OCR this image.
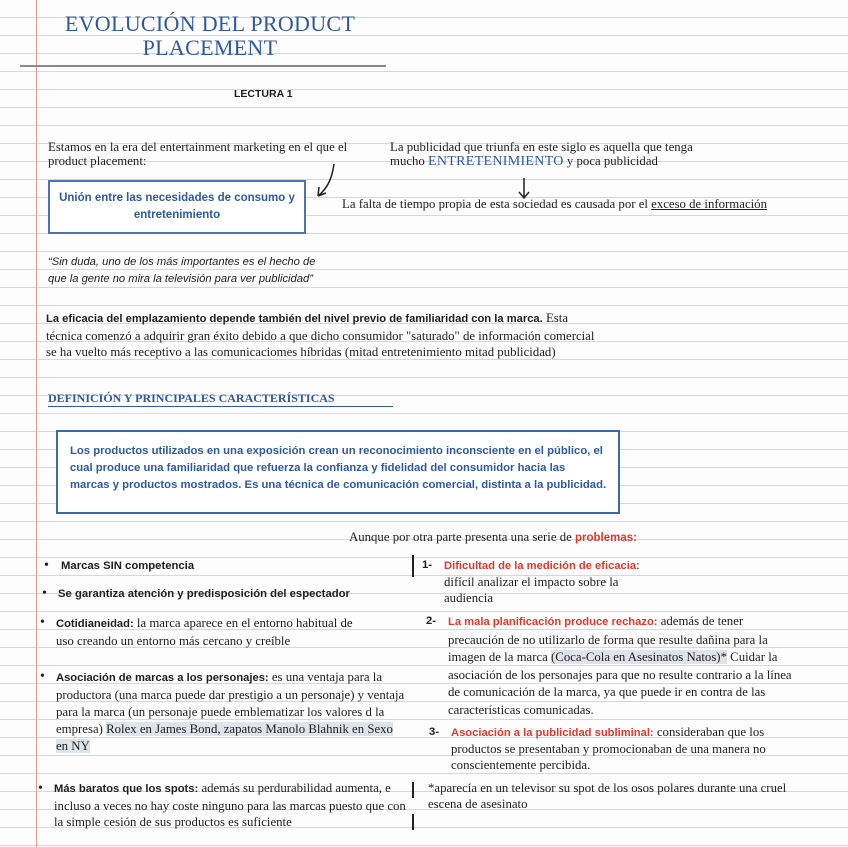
EVOLUCIÓN DEL PRODUCT PLACEMENT
LECTURA 1
Estamos en la era del entertainment marketing en el que el product placement:
La publicidad que triunfa en este siglo es aquella que tenga mucho ENTRETENIMIENTO y poca publicidad
Unión entre las necesidades de consumo y entretenimiento
La falta de tiempo propia de esta sociedad es causada por el exceso de información
“Sin duda, uno de los más importantes es el hecho de que la gente no mira la televisión para ver publicidad”
La eficacia del emplazamiento depende también del nivel previo de familiaridad con la marca. Esta técnica comenzó a adquirir gran éxito debido a que dicho consumidor "saturado" de información comercial se ha vuelto más receptivo a las comunicaciomes híbridas (mitad entretenimiento mitad publicidad)
DEFINICIÓN Y PRINCIPALES CARACTERÍSTICAS
Los productos utilizados en una exposición crean un reconocimiento inconsciente en el público, el cual produce una familiaridad que refuerza la confianza y fidelidad del consumidor hacia las marcas y productos mostrados. Es una técnica de comunicación comercial, distinta a la publicidad.
Aunque por otra parte presenta una serie de problemas:
• Marcas SIN competencia
• Se garantiza atención y predisposición del espectador
• Cotidianeidad: la marca aparece en el entorno habitual de uso creando un entorno más cercano y creíble
• Asociación de marcas a los personajes: es una ventaja para la productora (una marca puede dar prestigio a un personaje) y ventaja para la marca (un personaje puede emblematizar los valores d la empresa) Rolex en James Bond, zapatos Manolo Blahnik en Sexo en NY
• Más baratos que los spots: además su perdurabilidad aumenta, e incluso a veces no hay coste ninguno para las marcas puesto que con la simple cesión de sus productos es suficiente
1- Dificultad de la medición de eficacia: difícil analizar el impacto sobre la audiencia
2- La mala planificación produce rechazo: además de tener precaución de no utilizarlo de forma que resulte dañina para la imagen de la marca (Coca-Cola en Asesinatos Natos)* Cuidar la asociación de los personajes para que no resulte contrario a la línea de comunicación de la marca, ya que puede ir en contra de las características comunicadas.
3- Asociación a la publicidad subliminal: consideraban que los productos se presentaban y promocionaban de una manera no conscientemente percibida.
*aparecía en un televisor su spot de los osos polares durante una cruel escena de asesinato
